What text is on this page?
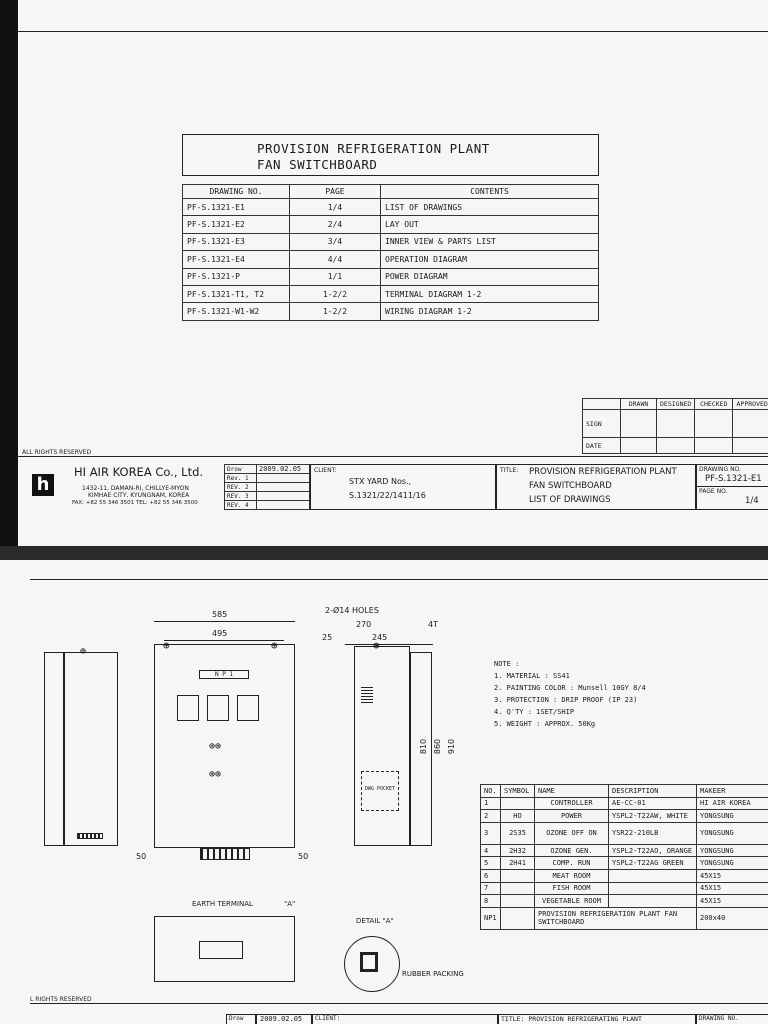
PROVISION REFRIGERATION PLANT
FAN SWITCHBOARD
DRAWING NO.	PAGE	CONTENTS
PF-S.1321-E1	1/4	LIST OF DRAWINGS
PF-S.1321-E2	2/4	LAY OUT
PF-S.1321-E3	3/4	INNER VIEW & PARTS LIST
PF-S.1321-E4	4/4	OPERATION DIAGRAM
PF-S.1321-P	1/1	POWER DIAGRAM
PF-S.1321-T1, T2	1-2/2	TERMINAL DIAGRAM 1-2
PF-S.1321-W1-W2	1-2/2	WIRING DIAGRAM 1-2
	DRAWN	DESIGNED	CHECKED	APPROVED
SIGN				
DATE				
ALL RIGHTS RESERVED
h
HI AIR KOREA Co., Ltd.
1432-11, DAMAN-RI, CHILLYE-MYON
KIMHAE CITY, KYUNGNAM, KOREA
FAX: +82 55 346 3501 TEL: +82 55 346 3500
Drow	2009.02.05
Rev. 1	
REV. 2	
REV. 3	
REV. 4	
CLIENT:
STX YARD Nos.,
S.1321/22/1411/16
TITLE: PROVISION REFRIGERATION PLANT
FAN SWITCHBOARD
LIST OF DRAWINGS
DRAWING NO.
PF-S.1321-E1
PAGE NO.
1/4
⊕
585
495
2-Ø14 HOLES
N P 1
⊕⊕
⊕⊕
⊕	⊕
50	50
270	4T
25	245
DWG POCKET
⊕
810 860 910
NOTE :
1. MATERIAL : SS41
2. PAINTING COLOR : Munsell 10GY 8/4
3. PROTECTION : DRIP PROOF (IP 23)
4. Q'TY : 1SET/SHIP
5. WEIGHT : APPROX. 50Kg
NO.	SYMBOL	NAME	DESCRIPTION	MAKEER
1		CONTROLLER	AE-CC-01	HI AIR KOREA
2	HO	POWER	YSPL2-T22AW, WHITE	YONGSUNG
3	2S35	OZONE OFF ON	YSR22-210LB	YONGSUNG
4	2H32	OZONE GEN.	YSPL2-T22AO, ORANGE	YONGSUNG
5	2H41	COMP. RUN	YSPL2-T22AG GREEN	YONGSUNG
6		MEAT ROOM		45X15
7		FISH ROOM		45X15
8		VEGETABLE ROOM		45X15
NP1		PROVISION REFRIGERATION PLANT FAN SWITCHBOARD		200x40
EARTH TERMINAL	"A"
DETAIL "A"
RUBBER PACKING
L RIGHTS RESERVED
Drow	2009.02.05	CLIENT:	TITLE: PROVISION REFRIGERATING PLANT	DRAWING NO.
